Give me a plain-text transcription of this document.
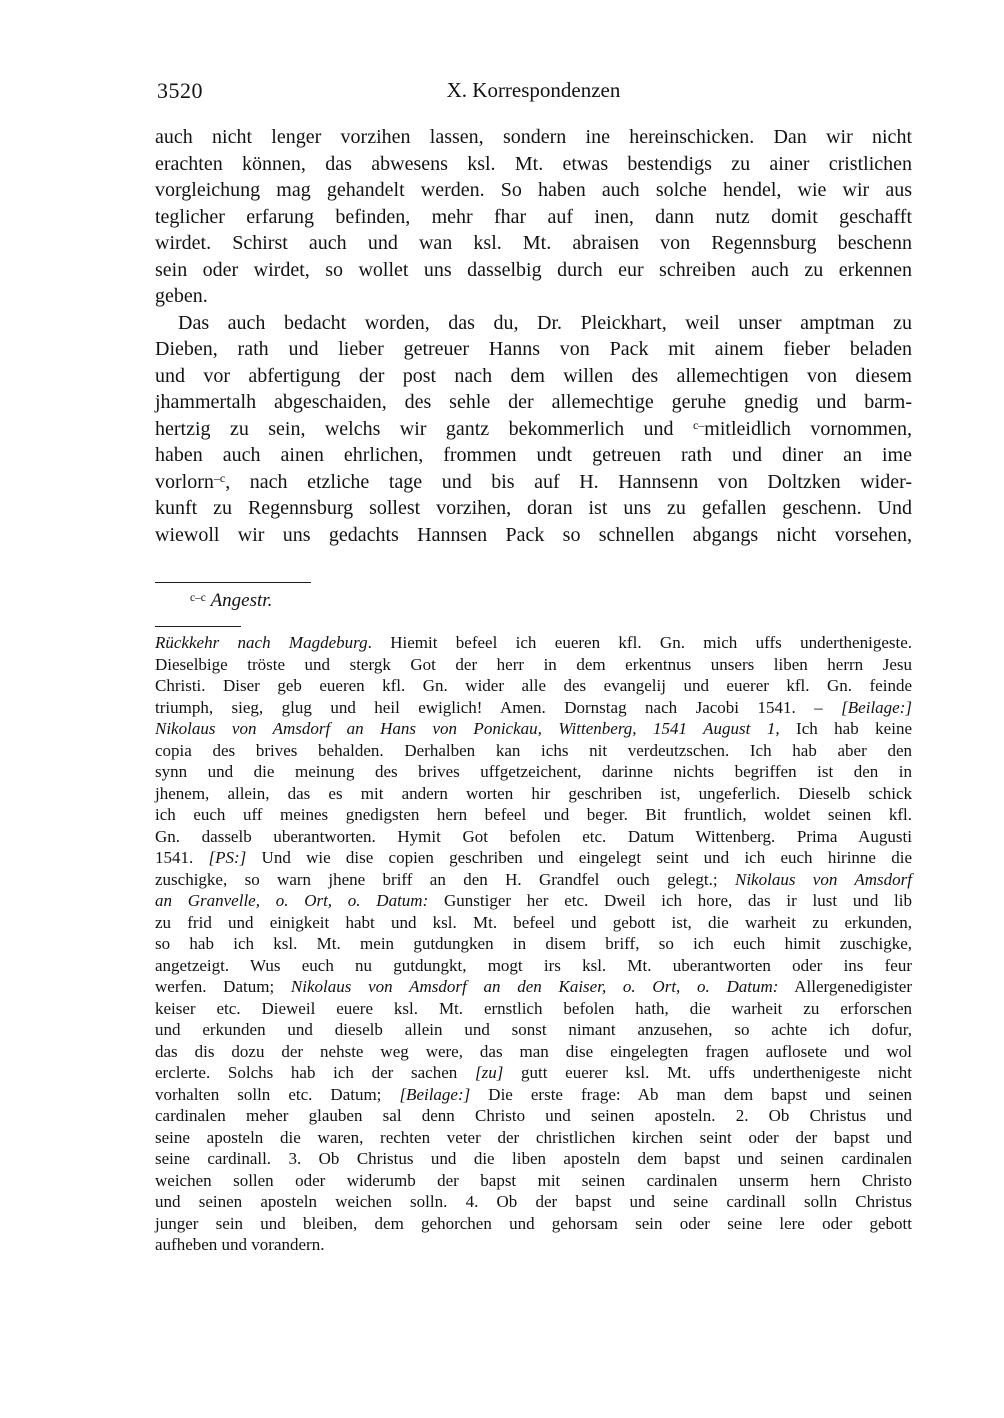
3520	X. Korrespondenzen
auch nicht lenger vorzihen lassen, sondern ine hereinschicken. Dan wir nicht
erachten können, das abwesens ksl. Mt. etwas bestendigs zu ainer cristlichen
vorgleichung mag gehandelt werden. So haben auch solche hendel, wie wir aus
teglicher erfarung befinden, mehr fhar auf inen, dann nutz domit geschafft
wirdet. Schirst auch und wan ksl. Mt. abraisen von Regennsburg beschenn
sein oder wirdet, so wollet uns dasselbig durch eur schreiben auch zu erkennen
geben.
Das auch bedacht worden, das du, Dr. Pleickhart, weil unser amptman zu
Dieben, rath und lieber getreuer Hanns von Pack mit ainem fieber beladen
und vor abfertigung der post nach dem willen des allemechtigen von diesem
jhammertalh abgeschaiden, des sehle der allemechtige geruhe gnedig und barm-
hertzig zu sein, welchs wir gantz bekommerlich und $^{c-}$mitleidlich vornommen,
haben auch ainen ehrlichen, frommen undt getreuen rath und diner an ime
vorlorn$^{-c}$, nach etzliche tage und bis auf H. Hannsenn von Doltzken wider-
kunft zu Regennsburg sollest vorzihen, doran ist uns zu gefallen geschenn. Und
wiewoll wir uns gedachts Hannsen Pack so schnellen abgangs nicht vorsehen,
$^{c-c}$ Angestr.
Rückkehr nach Magdeburg. Hiemit befeel ich eueren kfl. Gn. mich uffs underthenigeste.
Dieselbige tröste und stergk Got der herr in dem erkentnus unsers liben herrn Jesu
Christi. Diser geb eueren kfl. Gn. wider alle des evangelij und euerer kfl. Gn. feinde
triumph, sieg, glug und heil ewiglich! Amen. Dornstag nach Jacobi 1541. – [Beilage:]
Nikolaus von Amsdorf an Hans von Ponickau, Wittenberg, 1541 August 1, Ich hab keine
copia des brives behalden. Derhalben kan ichs nit verdeutzschen. Ich hab aber den
synn und die meinung des brives uffgetzeichent, darinne nichts begriffen ist den in
jhenem, allein, das es mit andern worten hir geschriben ist, ungeferlich. Dieselb schick
ich euch uff meines gnedigsten hern befeel und beger. Bit fruntlich, woldet seinen kfl.
Gn. dasselb uberantworten. Hymit Got befolen etc. Datum Wittenberg. Prima Augusti
1541. [PS:] Und wie dise copien geschriben und eingelegt seint und ich euch hirinne die
zuschigke, so warn jhene briff an den H. Grandfel ouch gelegt.; Nikolaus von Amsdorf
an Granvelle, o. Ort, o. Datum: Gunstiger her etc. Dweil ich hore, das ir lust und lib
zu frid und einigkeit habt und ksl. Mt. befeel und gebott ist, die warheit zu erkunden,
so hab ich ksl. Mt. mein gutdungken in disem briff, so ich euch himit zuschigke,
angetzeigt. Wus euch nu gutdungkt, mogt irs ksl. Mt. uberantworten oder ins feur
werfen. Datum; Nikolaus von Amsdorf an den Kaiser, o. Ort, o. Datum: Allergenedigister
keiser etc. Dieweil euere ksl. Mt. ernstlich befolen hath, die warheit zu erforschen
und erkunden und dieselb allein und sonst nimant anzusehen, so achte ich dofur,
das dis dozu der nehste weg were, das man dise eingelegten fragen auflosete und wol
erclerte. Solchs hab ich der sachen [zu] gutt euerer ksl. Mt. uffs underthenigeste nicht
vorhalten solln etc. Datum; [Beilage:] Die erste frage: Ab man dem bapst und seinen
cardinalen meher glauben sal denn Christo und seinen aposteln. 2. Ob Christus und
seine aposteln die waren, rechten veter der christlichen kirchen seint oder der bapst und
seine cardinall. 3. Ob Christus und die liben aposteln dem bapst und seinen cardinalen
weichen sollen oder widerumb der bapst mit seinen cardinalen unserm hern Christo
und seinen aposteln weichen solln. 4. Ob der bapst und seine cardinall solln Christus
junger sein und bleiben, dem gehorchen und gehorsam sein oder seine lere oder gebott
aufheben und vorandern.
